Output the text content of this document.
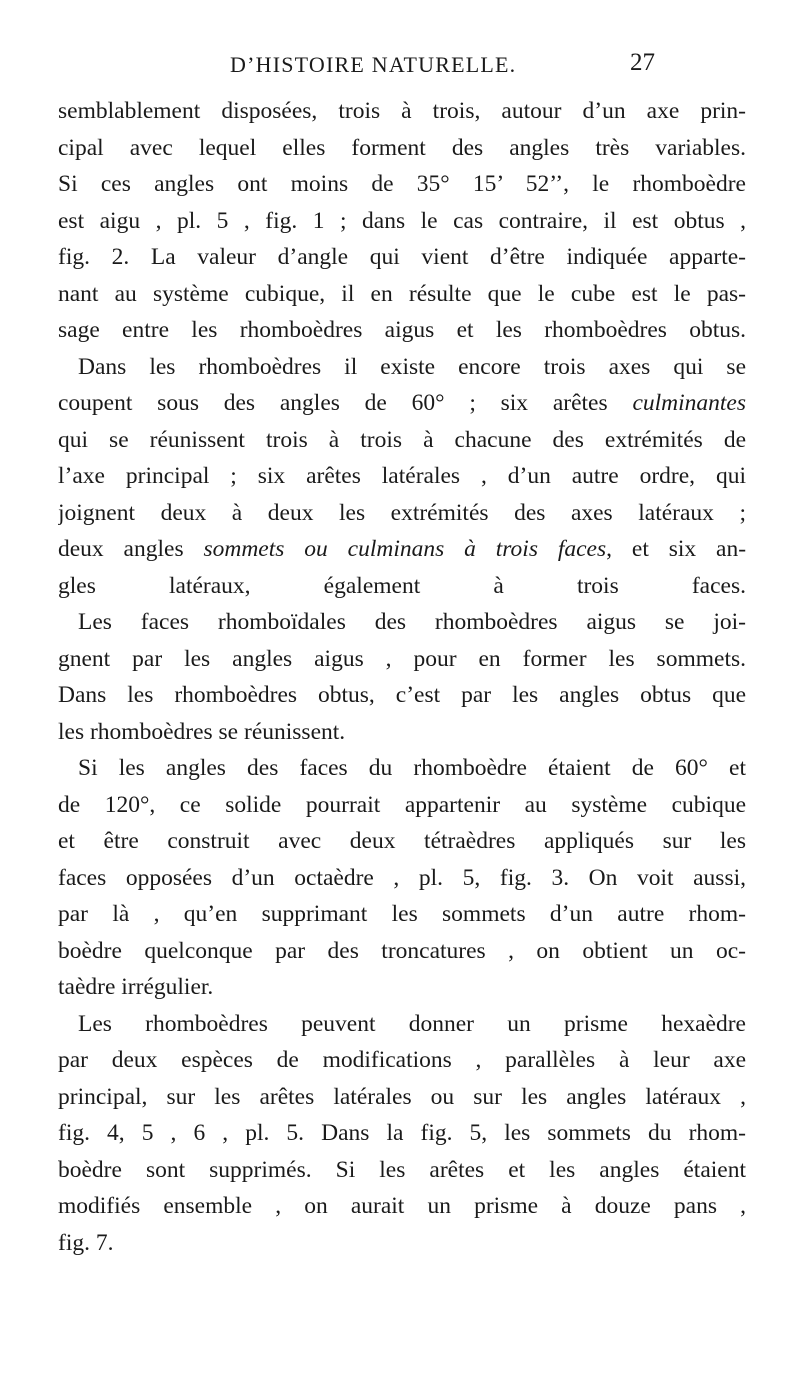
D’HISTOIRE NATURELLE.	27
semblablement disposées, trois à trois, autour d’un axe prin-
cipal avec lequel elles forment des angles très variables.
Si ces angles ont moins de 35° 15’ 52’’, le rhomboèdre
est aigu , pl. 5 , fig. 1 ; dans le cas contraire, il est obtus ,
fig. 2. La valeur d’angle qui vient d’être indiquée apparte-
nant au système cubique, il en résulte que le cube est le pas-
sage entre les rhomboèdres aigus et les rhomboèdres obtus.
Dans les rhomboèdres il existe encore trois axes qui se
coupent sous des angles de 60° ; six arêtes culminantes
qui se réunissent trois à trois à chacune des extrémités de
l’axe principal ; six arêtes latérales , d’un autre ordre, qui
joignent deux à deux les extrémités des axes latéraux ;
deux angles sommets ou culminans à trois faces, et six an-
gles latéraux, également à trois faces.
Les faces rhomboïdales des rhomboèdres aigus se joi-
gnent par les angles aigus , pour en former les sommets.
Dans les rhomboèdres obtus, c’est par les angles obtus que
les rhomboèdres se réunissent.
Si les angles des faces du rhomboèdre étaient de 60° et
de 120°, ce solide pourrait appartenir au système cubique
et être construit avec deux tétraèdres appliqués sur les
faces opposées d’un octaèdre , pl. 5, fig. 3. On voit aussi,
par là , qu’en supprimant les sommets d’un autre rhom-
boèdre quelconque par des troncatures , on obtient un oc-
taèdre irrégulier.
Les rhomboèdres peuvent donner un prisme hexaèdre
par deux espèces de modifications , parallèles à leur axe
principal, sur les arêtes latérales ou sur les angles latéraux ,
fig. 4, 5 , 6 , pl. 5. Dans la fig. 5, les sommets du rhom-
boèdre sont supprimés. Si les arêtes et les angles étaient
modifiés ensemble , on aurait un prisme à douze pans ,
fig. 7.
